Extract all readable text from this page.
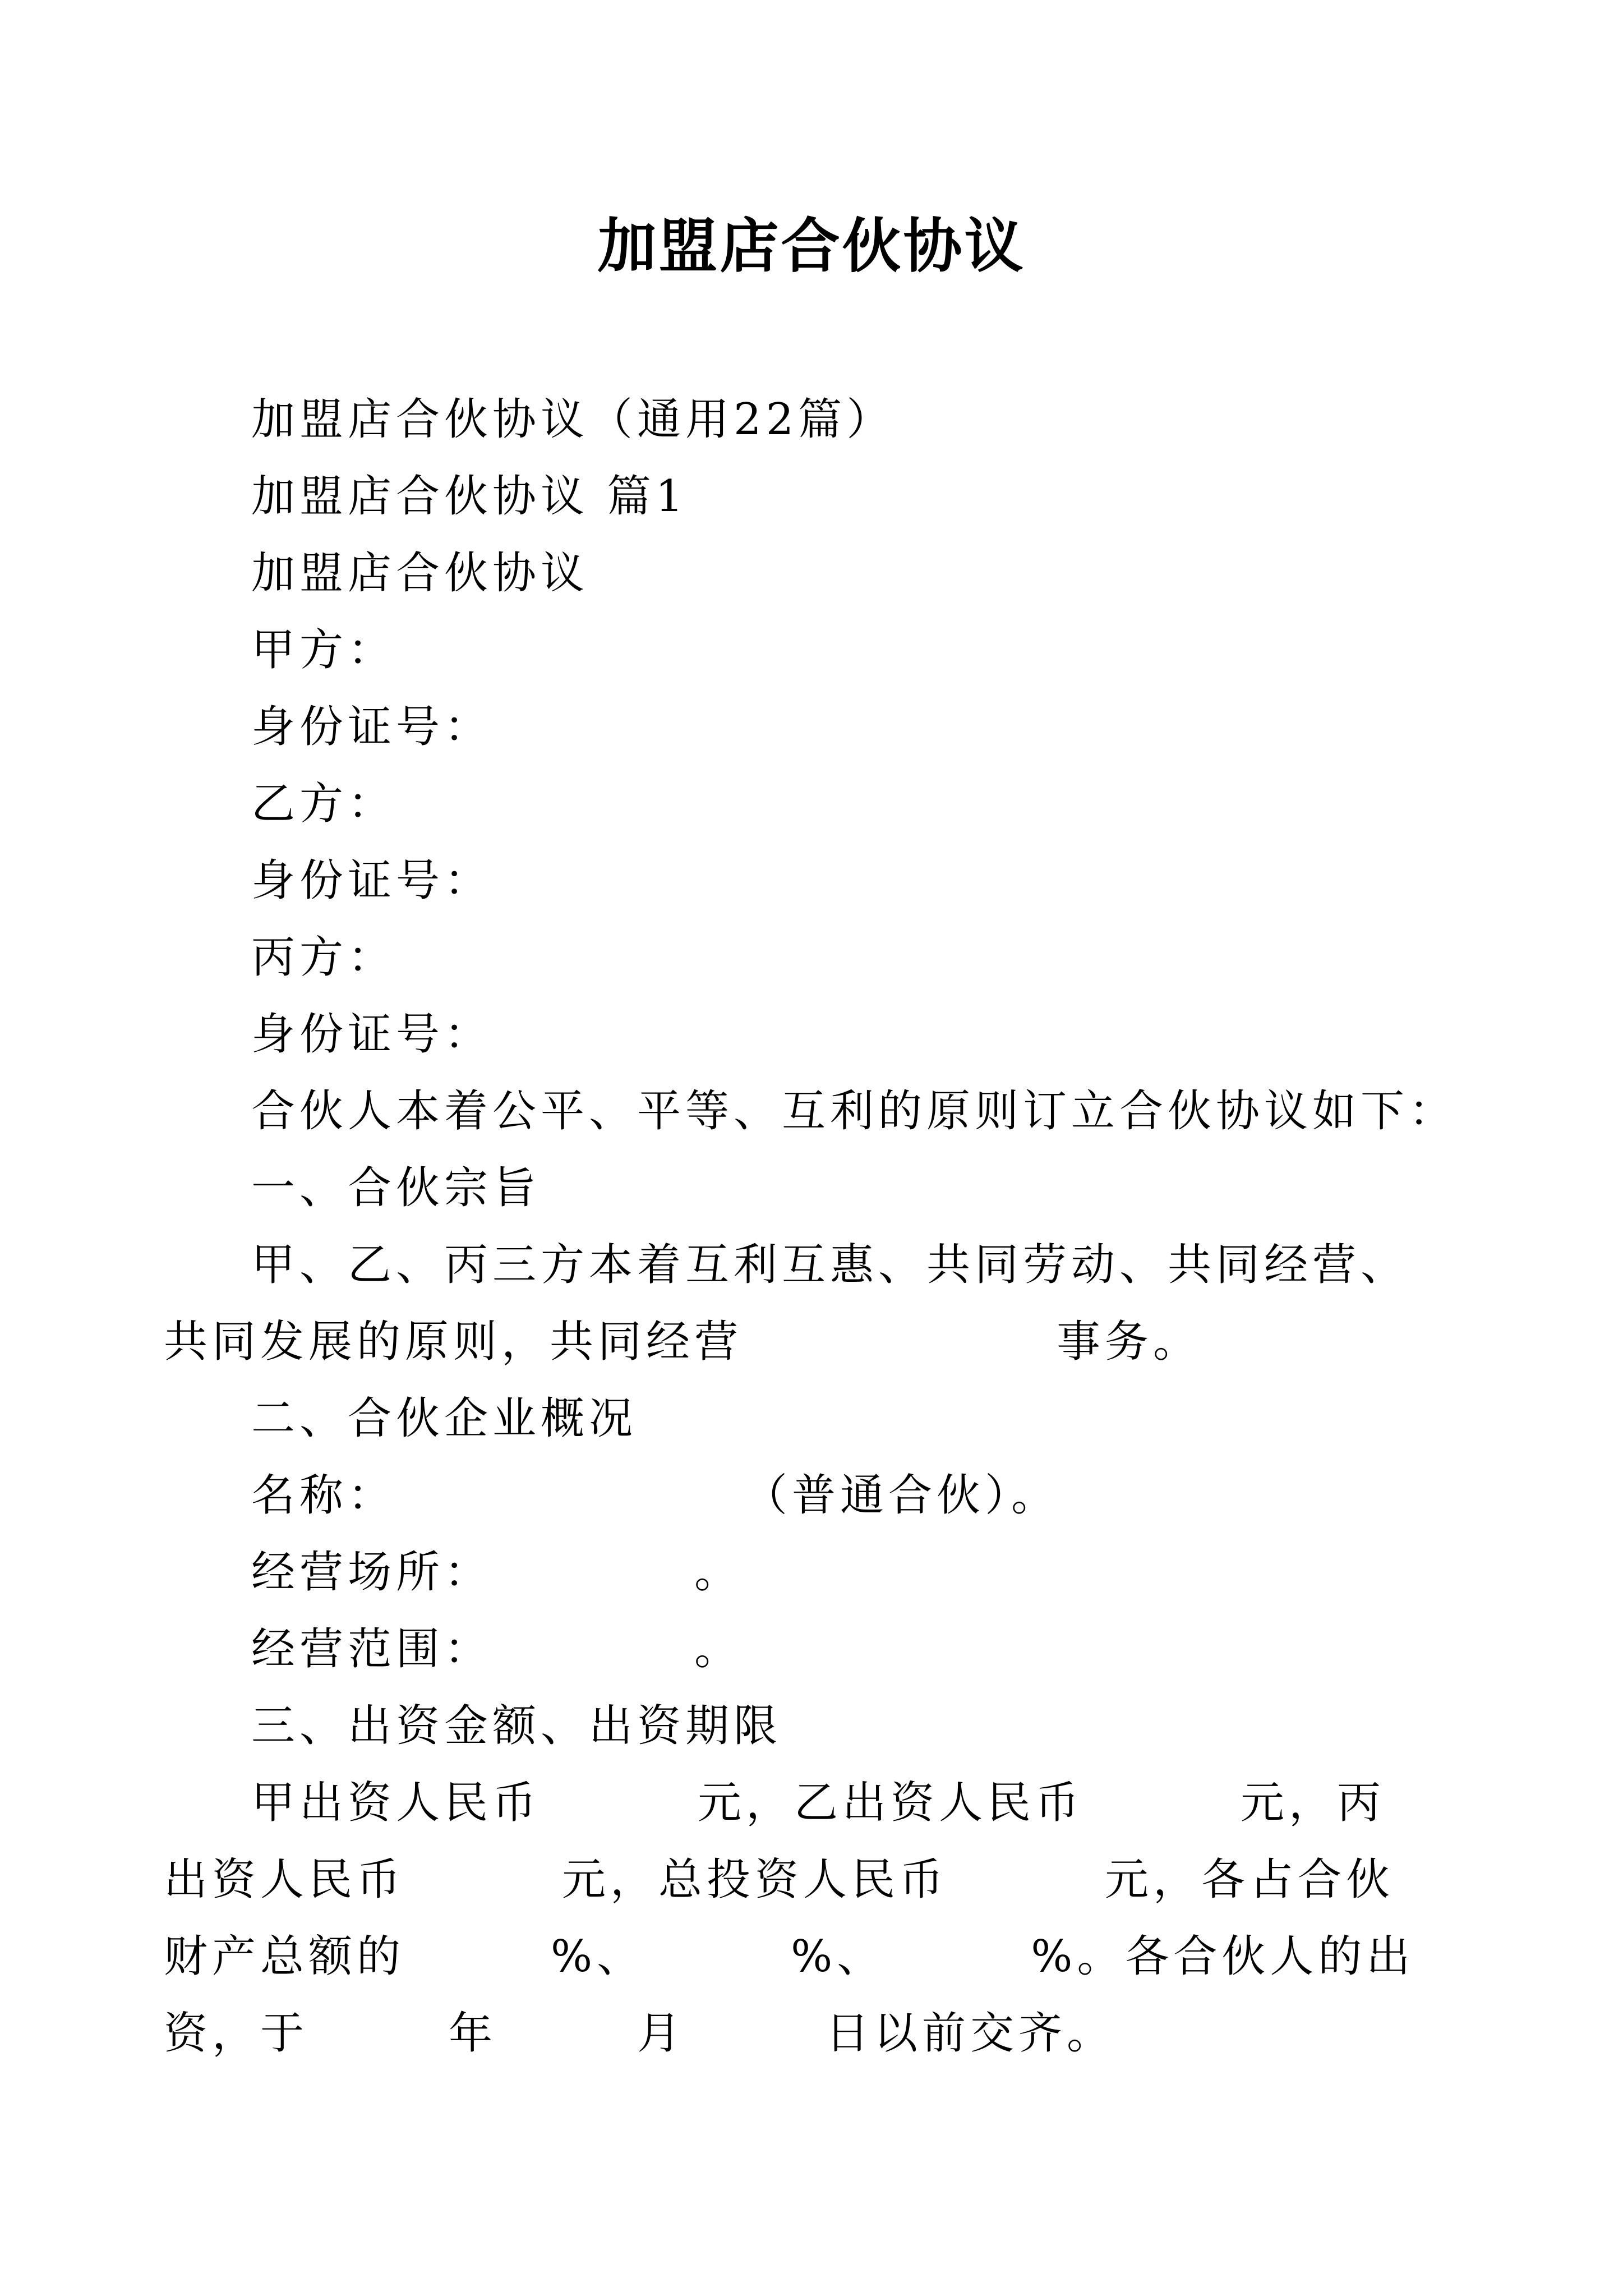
加盟店合伙协议

加盟店合伙协议（通用22篇）

加盟店合伙协议 篇1

加盟店合伙协议

甲方：

身份证号：

乙方：

身份证号：

丙方：

身份证号：

合伙人本着公平、平等、互利的原则订立合伙协议如下：

一、合伙宗旨

甲、乙、丙三方本着互利互惠、共同劳动、共同经营、
共同发展的原则，共同经营	事务。

二、合伙企业概况

名称：	（普通合伙）。

经营场所：	。

经营范围：	。

三、出资金额、出资期限

甲出资人民币	元，乙出资人民币	元，丙
出资人民币	元，总投资人民币	元，各占合伙
财产总额的	%、	%、	%。各合伙人的出
资，于	年	月	日以前交齐。
